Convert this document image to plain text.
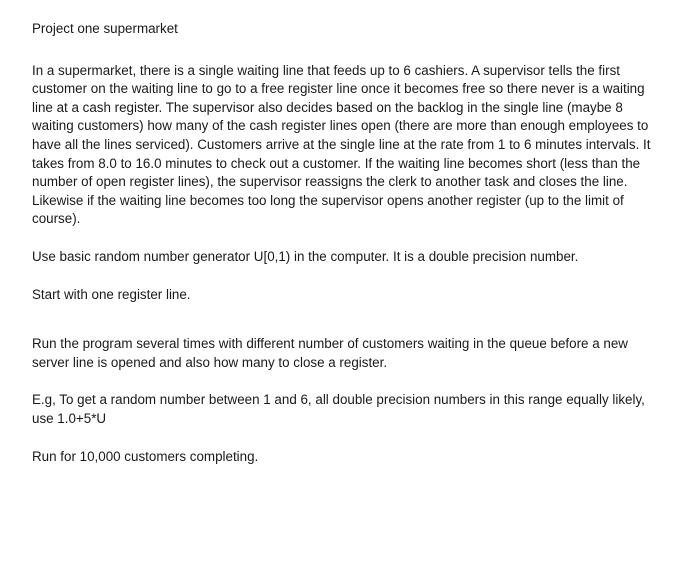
Project one supermarket

In a supermarket, there is a single waiting line that feeds up to 6 cashiers. A supervisor tells the first customer on the waiting line to go to a free register line once it becomes free so there never is a waiting line at a cash register. The supervisor also decides based on the backlog in the single line (maybe 8 waiting customers) how many of the cash register lines open (there are more than enough employees to have all the lines serviced). Customers arrive at the single line at the rate from 1 to 6 minutes intervals. It takes from 8.0 to 16.0 minutes to check out a customer. If the waiting line becomes short (less than the number of open register lines), the supervisor reassigns the clerk to another task and closes the line. Likewise if the waiting line becomes too long the supervisor opens another register (up to the limit of course).

Use basic random number generator U[0,1) in the computer. It is a double precision number.

Start with one register line.

Run the program several times with different number of customers waiting in the queue before a new server line is opened and also how many to close a register.

E.g, To get a random number between 1 and 6, all double precision numbers in this range equally likely, use 1.0+5*U

Run for 10,000 customers completing.
